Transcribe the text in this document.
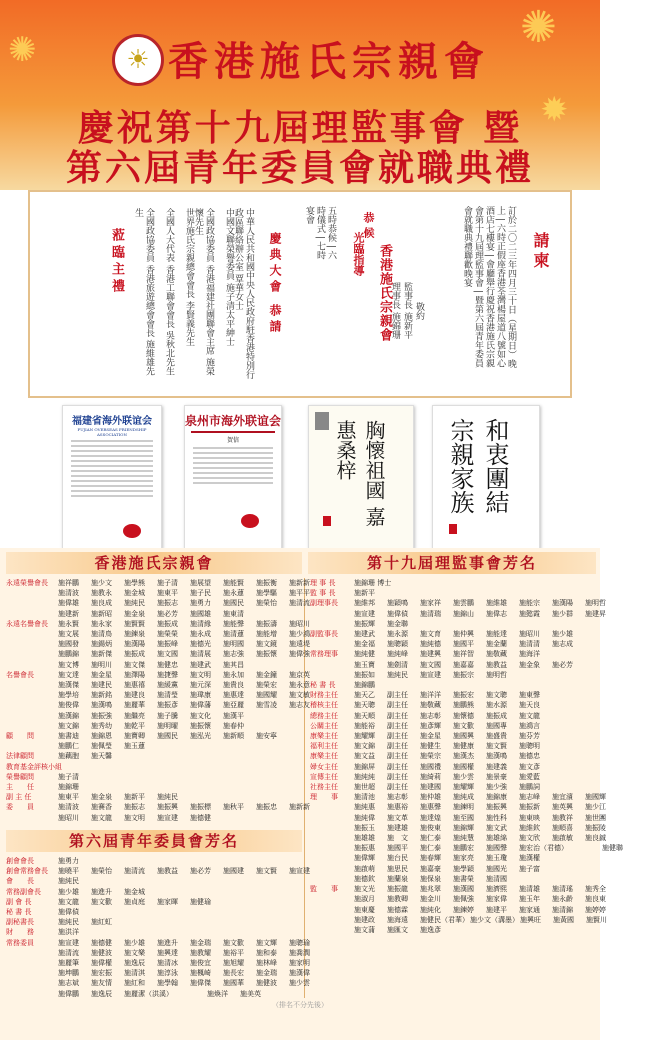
✺	✺
✹
☀ 香港施氏宗親會
慶祝第十九屆理監事會 暨
第六屆青年委員會就職典禮
請柬
訂於二〇二三年四月三十日（星期日）晚上 | 六時正假座香港荃灣楊屋道八號如心酒店七樓宴 | 會廳舉行慶祝香港施氏宗親會第十九屆理監事會 | 暨第六屆青年委員會就職典禮聯歡晚宴
五時恭候 | 六時儀式 | 七時宴會	恭候
光臨指導 香港施氏宗親會
理事長 施錦珊 監事長 施新平 敬約
慶典大會 恭請
中華人民共和國中央人民政府駐香港特別行政區聯絡辦公室 覃華女士
中國文聯榮譽委員 施子清太平紳士
全國政協委員 香港福建社團聯會主席 施榮懷先生
世界施氏宗親總會會長 李賢義先生
全國人大代表 香港工聯會會長 吳秋北先生
全國政協委員 香港旅遊總會會長 施維雄先生
蒞臨主禮
福建省海外联谊会
FUJIAN OVERSEAS FRIENDSHIP ASSOCIATION
泉州市海外联谊会
贺信	胸懷祖國 嘉惠桑梓	和衷團結 宗親家族
香港施氏宗親會	第十九屆理監事會芳名
永遠榮譽會長	施祥鵬	施少文	施學熊	施子清	施展望	施能賢	施振衡	施新新
施清波	施教永	施金城	施東平	施子民	施永蓮	施學驅	施平平
施偉雄	施良成	施純民	施振志	施勇力	施國民	施榮怡	施清流
施建新	施新昭	施金泉	施必芳	施國雄	施東清
永遠名譽會長	施永賢	施永家	施賢賢	施振成	施清緣	施能聲	施振濤	施昭川
施文展	施清鳥	施鍊泉	施榮榮	施永成	施清蓮	施能增	施少鴻
施國發	施錫炳	施漢陽	施振峰	施德光	施明國	施文鏡	施遠堤
施鵬錦	施新傑	施振成	施文國	施清展	施志強	施振懷	施偉強
施文博	施明川	施文傑	施健忠	施建武	施其昌
名譽會長	施文達	施金星	施澤陽	施捷聲	施文明	施永加	施金鐘	施京英
施漢傑	施建民	施惠禧	施緩黨	施元深	施貴良	施榮宏	施永意
施學培	施新銘	施建良	施清瑩	施瑋康	施惠達	施國耀	施文敏
施俊偉	施漢鳴	施麗華	施振彥	施偉藩	施亞麗	施雪凌	施志友
施漢錦	施振強	施繼亮	施子騰	施文化	施漢平
施文錦	施秀幼	施乾平	施明曜	施振懷	施春仲
顧　　問	施書迪	施錦恩	施寶卿	施國民	施泓光	施新順	施安寧
施鵬仁	施佩瑩	施玉蓮
法律顧問	施藕胞	施天馨
教育基金評核小組
榮譽顧問	施子清
主　　任	施錦珊
副 主 任	施東平	施金泉	施新平	施純民
委　　員	施清波	施賽香	施振志	施振興	施振標	施秋平	施振忠	施新新
施昭川	施文龍	施文明	施宣建	施德健
第六屆青年委員會芳名
創會會長	施勇力
創會常務會長	施曉平	施榮怡	施清流	施教益	施必芳	施國建	施文賢	施宣建
會　　長	施純民
常務副會長	施少雄	施進升	施金城
副 會 長	施文龍	施文歡	施貞庭	施家暉	施健瑜
秘 書 長	施偉偵
副秘書長	施純民	施紅虹
財　　務	施洪洋
常務委員	施宣建	施德健	施少雄	施進升	施金瑞	施文歡	施文輝	施聰瑜
施清流	施健波	施文樂	施興達	施教耀	施裕平	施和泰	施喬潤
施麗筆	施偉權	施逸辰	施清冰	施俊宜	施旭耀	施林峰	施家明
施坤鵬	施宏振	施清淇	施淳泳	施楓崎	施長宏	施金瑞	施漢偉
施志斌	施友情	施紅和	施學翰	施偉傑	施國華	施健波	施少雲
施偉鵬	施逸辰	施麗潔（洪溪）	施煥洋	施美英
理 事 長	施錦珊 博士
監 事 長	施新平
副理事長	施維邦	施穎鳴	施家祥	施雲鵬	施維雄	施能宗	施漢陽	施明哲
施宣建	施偉偵	施清瑞	施錦山	施偉志	施懿霞	施少群	施建昇
施振輝	施金聯
副監事長	施建武	施永源	施文育	施仲興	施能達	施昭川	施少雄
施金福	施聰穎	施純德	施國平	施金蘭	施清清	施志成
常務理事	施純健	施純峰	施建興	施祥智	施敬藏	施海洋
施玉寶	施劍清	施文國	施嘉嘉	施教益	施金象	施必芳
施振如	施純民	施宣建	施振宗	施明哲
秘 書 長	施錦鵬
財務主任	施天乙	副主任	施洋洋	施振宏	施文聰	施東聲
稽核主任	施天聰	副主任	施敬藏	施鵬熊	施水源	施天良
總務主任	施天順	副主任	施志彰	施懷德	施振成	施文龍
公關主任	施能裕	副主任	施彥輝	施文歡	施國專	施鴻言
康樂主任	施耀輝	副主任	施金星	施國興	施盛貴	施芬芳
福利主任	施文錦	副主任	施健生	施健康	施文賢	施聰明
康樂主任	施文益	副主任	施榮宗	施漢杰	施漢鳴	施德忠
婦女主任	施錦屏	副主任	施國禮	施國權	施建義	施文彥
宣傳主任	施純純	副主任	施綺莉	施少雲	施景豪	施愛藍
社務主任	施世超	副主任	施建國	施耀輝	施少強	施鵬詞
理　　事	施清池	施志彰	施仲雄	施純成	施錦康	施志峰	施宜濱	施國輝
施純惠	施惠裕	施惠聲	施鍊明	施振興	施振新	施英興	施少江
施純偉	施文革	施達煌	施至國	施性科	施東映	施教祥	施世團
施振玉	施建雄	施俊東	施錦輝	施文武	施維欽	施順喜	施振陵
施雄雄	施　文	施仁泰	施純慧	施雄綿	施文欣	施啟敏	施良鋮
施振惠	施國平	施仁泰	施鵬宏	施國聲	施宏治（君德）	施健聯
施偉輝	施台民	施春輝	施家亮	施玉瓊	施漢權
施啟萌	施思民	施嘉豪	施學穎	施國光	施子富
施德欽	施蘭泉	施保泉	施書榮	施清國
監　　事	施文光	施振龍	施兆翠	施漢國	施濟熙	施清雄	施清瑤	施秀全
施淑月	施教卿	施金川	施佩強	施家偉	施玉年	施永齡	施良東
施東慶	施德霖	施純化	施鍊婷	施建平	施家通	施清錦	施婷婷
施建政	施海遠	施健民（君華） 施少文（溝墨） 施興旺	施黃國	施賢川
施文蒲	施匯文	施逸彥
（排名不分先後）
